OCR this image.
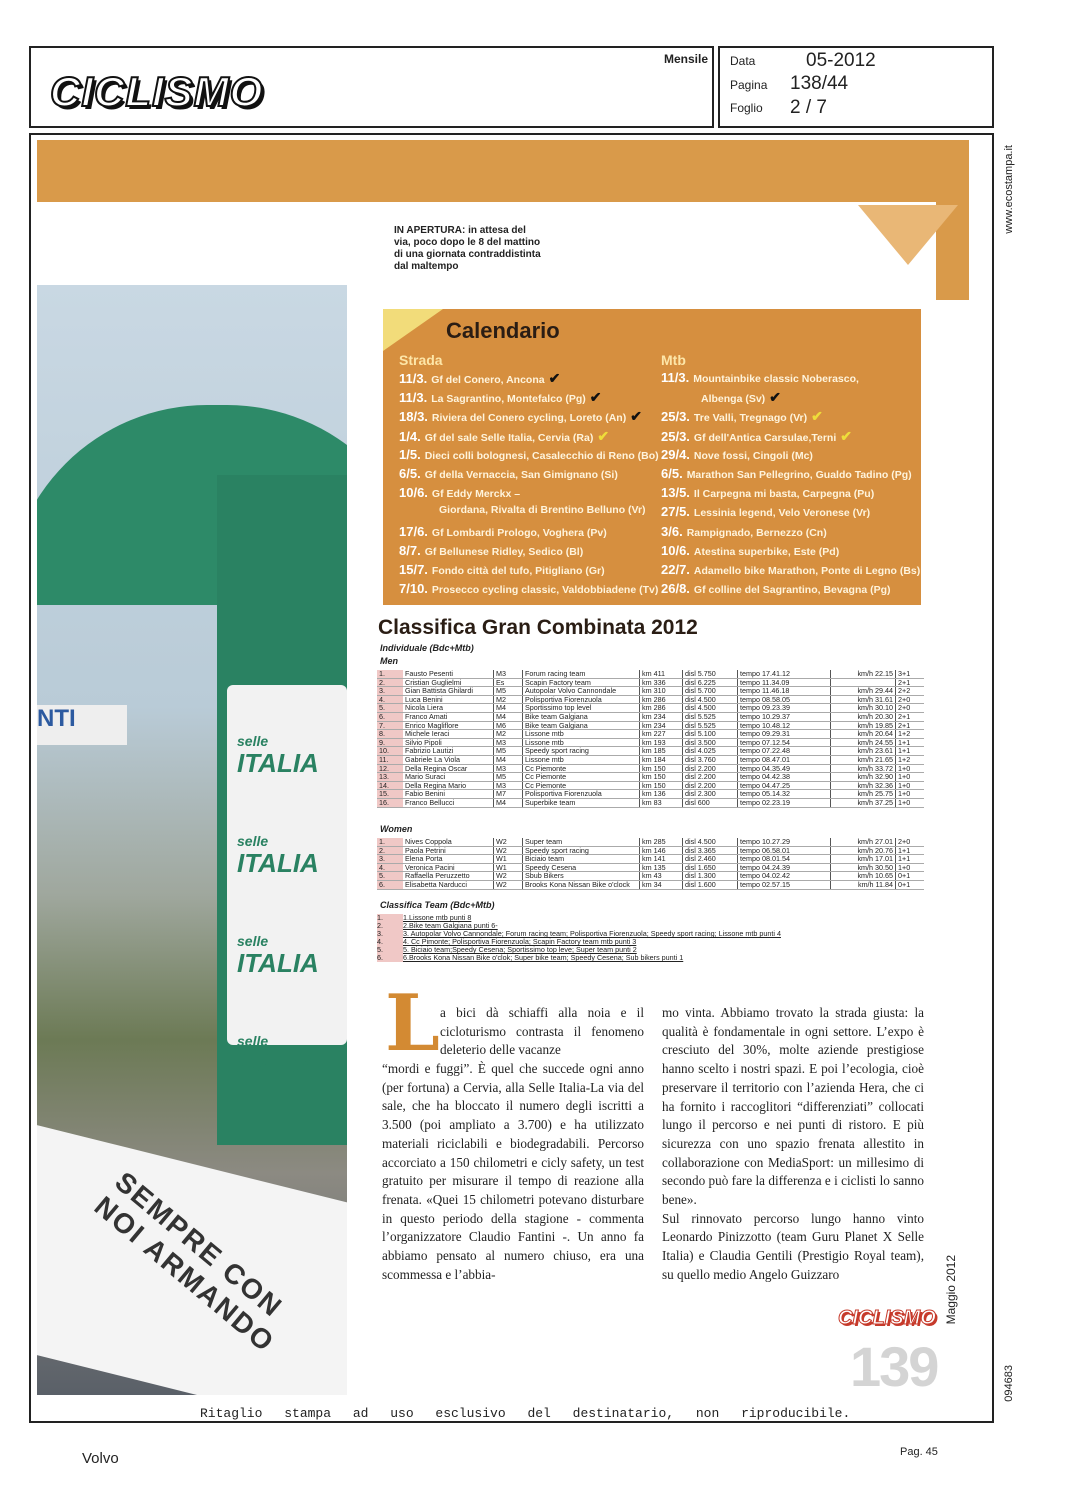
CICLISMO
Mensile Data
Pagina
Foglio
05-2012
138/44
2 / 7
www.ecostampa.it
094683
selle
ITALIA
selle
ITALIA
selle
ITALIA
selle
ITALIA
NTI
SEMPRE CON NOI ARMANDO
IN APERTURA: in attesa del via, poco dopo le 8 del mattino di una giornata contraddistinta dal maltempo
Calendario
Strada	Mtb
11/3. Gf del Conero, Ancona ✔
11/3. La Sagrantino, Montefalco (Pg) ✔
18/3. Riviera del Conero cycling, Loreto (An) ✔
1/4. Gf del sale Selle Italia, Cervia (Ra) ✔
1/5. Dieci colli bolognesi, Casalecchio di Reno (Bo)
6/5. Gf della Vernaccia, San Gimignano (Si)
10/6. Gf Eddy Merckx –
Giordana, Rivalta di Brentino Belluno (Vr)
17/6. Gf Lombardi Prologo, Voghera (Pv)
8/7. Gf Bellunese Ridley, Sedico (Bl)
15/7. Fondo città del tufo, Pitigliano (Gr)
7/10. Prosecco cycling classic, Valdobbiadene (Tv)
11/3. Mountainbike classic Noberasco,
Albenga (Sv) ✔
25/3. Tre Valli, Tregnago (Vr) ✔
25/3. Gf dell'Antica Carsulae,Terni ✔
29/4. Nove fossi, Cingoli (Mc)
6/5. Marathon San Pellegrino, Gualdo Tadino (Pg)
13/5. Il Carpegna mi basta, Carpegna (Pu)
27/5. Lessinia legend, Velo Veronese (Vr)
3/6. Rampignado, Bernezzo (Cn)
10/6. Atestina superbike, Este (Pd)
22/7. Adamello bike Marathon, Ponte di Legno (Bs)
26/8. Gf colline del Sagrantino, Bevagna (Pg)
Classifica Gran Combinata 2012
Individuale (Bdc+Mtb)
Men
1.	Fausto Pesenti	M3	Forum racing team	km 411	disl 5.750	tempo 17.41.12	km/h 22.15	3+1
2.	Cristian Guglielmi	Es	Scapin Factory team	km 336	disl 6.225	tempo 11.34.09		2+1
3.	Gian Battista Ghilardi	M5	Autopolar Volvo Cannondale	km 310	disl 5.700	tempo 11.46.18	km/h 29.44	2+2
4.	Luca Benini	M2	Polisportiva Fiorenzuola	km 286	disl 4.500	tempo 08.58.05	km/h 31.61	2+0
5.	Nicola Liera	M4	Sportissimo top level	km 286	disl 4.500	tempo 09.23.39	km/h 30.10	2+0
6.	Franco Amati	M4	Bike team Galgiana	km 234	disl 5.525	tempo 10.29.37	km/h 20.30	2+1
7.	Enrico Magliflore	M6	Bike team Galgiana	km 234	disl 5.525	tempo 10.48.12	km/h 19.85	2+1
8.	Michele Ieraci	M2	Lissone mtb	km 227	disl 5.100	tempo 09.29.31	km/h 20.64	1+2
9.	Silvio Pipoli	M3	Lissone mtb	km 193	disl 3.500	tempo 07.12.54	km/h 24.55	1+1
10.	Fabrizio Lautizi	M5	Speedy sport racing	km 185	disl 4.025	tempo 07.22.48	km/h 23.61	1+1
11.	Gabriele La Viola	M4	Lissone mtb	km 184	disl 3.760	tempo 08.47.01	km/h 21.65	1+2
12.	Della Regina Oscar	M3	Cc Piemonte	km 150	disl 2.200	tempo 04.35.49	km/h 33.72	1+0
13.	Mario Suraci	M5	Cc Piemonte	km 150	disl 2.200	tempo 04.42.38	km/h 32.90	1+0
14.	Della Regina Mario	M3	Cc Piemonte	km 150	disl 2.200	tempo 04.47.25	km/h 32.36	1+0
15.	Fabio Benini	M7	Polisportiva Fiorenzuola	km 136	disl 2.300	tempo 05.14.32	km/h 25.75	1+0
16.	Franco Bellucci	M4	Superbike team	km 83	disl 600	tempo 02.23.19	km/h 37.25	1+0
Women
1.	Nives Coppola	W2	Super team	km 285	disl 4.500	tempo 10.27.29	km/h 27.01	2+0
2.	Paola Petrini	W2	Speedy sport racing	km 146	disl 3.365	tempo 06.58.01	km/h 20.76	1+1
3.	Elena Porta	W1	Biciaio team	km 141	disl 2.460	tempo 08.01.54	km/h 17.01	1+1
4.	Veronica Pacini	W1	Speedy Cesena	km 135	disl 1.650	tempo 04.24.39	km/h 30.50	1+0
5.	Raffaella Peruzzetto	W2	Sbub Bikers	km 43	disl 1.300	tempo 04.02.42	km/h 10.65	0+1
6.	Elisabetta Narducci	W2	Brooks Kona Nissan Bike o'clock	km 34	disl 1.600	tempo 02.57.15	km/h 11.84	0+1
Classifica Team (Bdc+Mtb)
1.	1.Lissone mtb punti 8
2.	2.Bike team Galgiana punti 6-
3.	3. Autopolar Volvo Cannondale; Forum racing team; Polisportiva Fiorenzuola; Speedy sport racing; Lissone mtb punti 4
4.	4. Cc Pimonte; Polisportiva Fiorenzuola; Scapin Factory team mtb punti 3
5.	5. Biciaio team;Speedy Cesena; Sportissimo top leve; Super team punti 2
6.	6.Brooks Kona Nissan Bike o'clok; Super bike team; Speedy Cesena; Sub bikers punti 1
L a bici dà schiaffi alla noia e il cicloturismo contrasta il fenomeno deleterio delle vacanze
“mordi e fuggi”. È quel che succede ogni anno (per fortuna) a Cervia, alla Selle Italia-La via del sale, che ha bloccato il numero degli iscritti a 3.500 (poi ampliato a 3.700) e ha utilizzato materiali riciclabili e biodegradabili. Percorso accorciato a 150 chilometri e cicly safety, un test gratuito per misurare il tempo di reazione alla frenata. «Quei 15 chilometri potevano disturbare in questo periodo della stagione - commenta l’organizzatore Claudio Fantini -. Un anno fa abbiamo pensato al numero chiuso, era una scommessa e l’abbia-

mo vinta. Abbiamo trovato la strada giusta: la qualità è fondamentale in ogni settore. L’expo è cresciuto del 30%, molte aziende prestigiose hanno scelto i nostri spazi. E poi l’ecologia, cioè preservare il territorio con l’azienda Hera, che ci ha fornito i raccoglitori “differenziati” collocati lungo il percorso e nei punti di ristoro. E più sicurezza con uno spazio frenata allestito in collaborazione con MediaSport: un millesimo di secondo può fare la differenza e i ciclisti lo sanno bene».

Sul rinnovato percorso lungo hanno vinto Leonardo Pinizzotto (team Guru Planet X Selle Italia) e Claudia Gentili (Prestigio Royal team), su quello medio Angelo Guizzaro	Maggio 2012
CICLISMO
139
Ritaglio stampa ad uso esclusivo del destinatario, non riproducibile.
Volvo	Pag. 45
